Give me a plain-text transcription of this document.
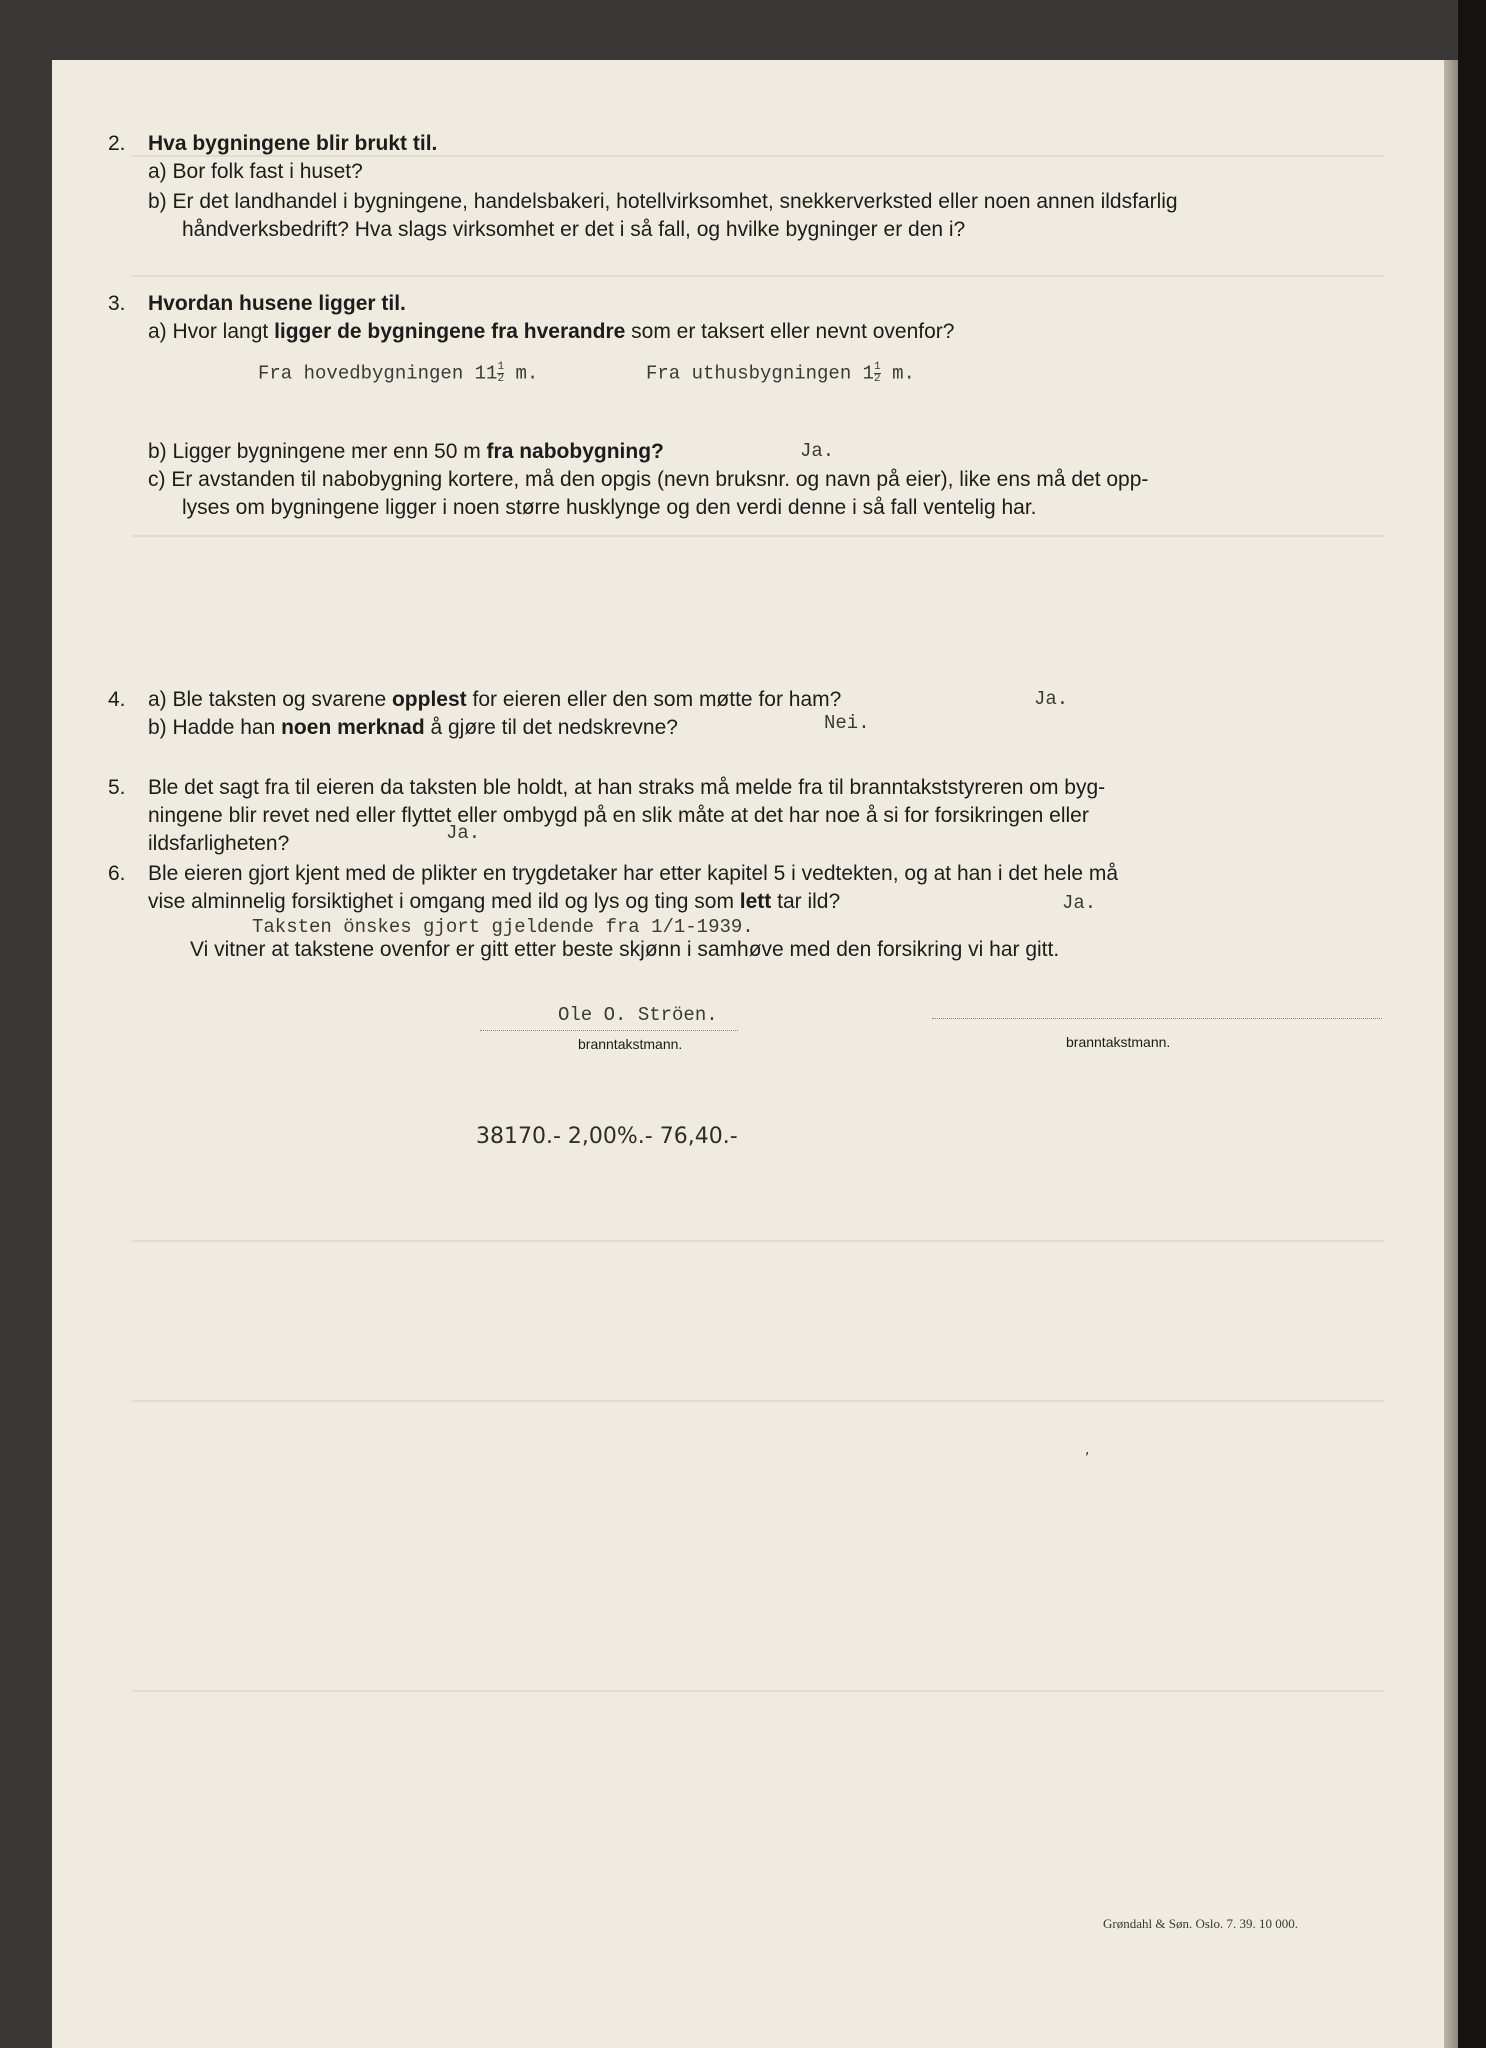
2. Hva bygningene blir brukt til.
a) Bor folk fast i huset?
b) Er det landhandel i bygningene, handelsbakeri, hotellvirksomhet, snekkerverksted eller noen annen ildsfarlig
håndverksbedrift? Hva slags virksomhet er det i så fall, og hvilke bygninger er den i?
3. Hvordan husene ligger til.
a) Hvor langt ligger de bygningene fra hverandre som er taksert eller nevnt ovenfor?
Fra hovedbygningen $11 \frac{1}{2} m$.	Fra uthusbygningen $1 \frac{1}{2} m$.
b) Ligger bygningene mer enn 50 m fra nabobygning?	Ja.
c) Er avstanden til nabobygning kortere, må den opgis (nevn bruksnr. og navn på eier), like ens må det opp-
lyses om bygningene ligger i noen større husklynge og den verdi denne i så fall ventelig har.
4. a) Ble taksten og svarene opplest for eieren eller den som møtte for ham?	Ja.
b) Hadde han noen merknad å gjøre til det nedskrevne?	Nei.
5. Ble det sagt fra til eieren da taksten ble holdt, at han straks må melde fra til branntakststyreren om byg-
ningene blir revet ned eller flyttet eller ombygd på en slik måte at det har noe å si for forsikringen eller
ildsfarligheten?	Ja.
6. Ble eieren gjort kjent med de plikter en trygdetaker har etter kapitel 5 i vedtekten, og at han i det hele må
vise alminnelig forsiktighet i omgang med ild og lys og ting som lett tar ild?	Ja.
Taksten önskes gjort gjeldende fra 1/1-1939.
Vi vitner at takstene ovenfor er gitt etter beste skjønn i samhøve med den forsikring vi har gitt.
Ole O. Ströen.
branntakstmann.	branntakstmann.
38170.- 2,00%.- 76,40.-
,
Grøndahl & Søn. Oslo. 7. 39. 10 000.
